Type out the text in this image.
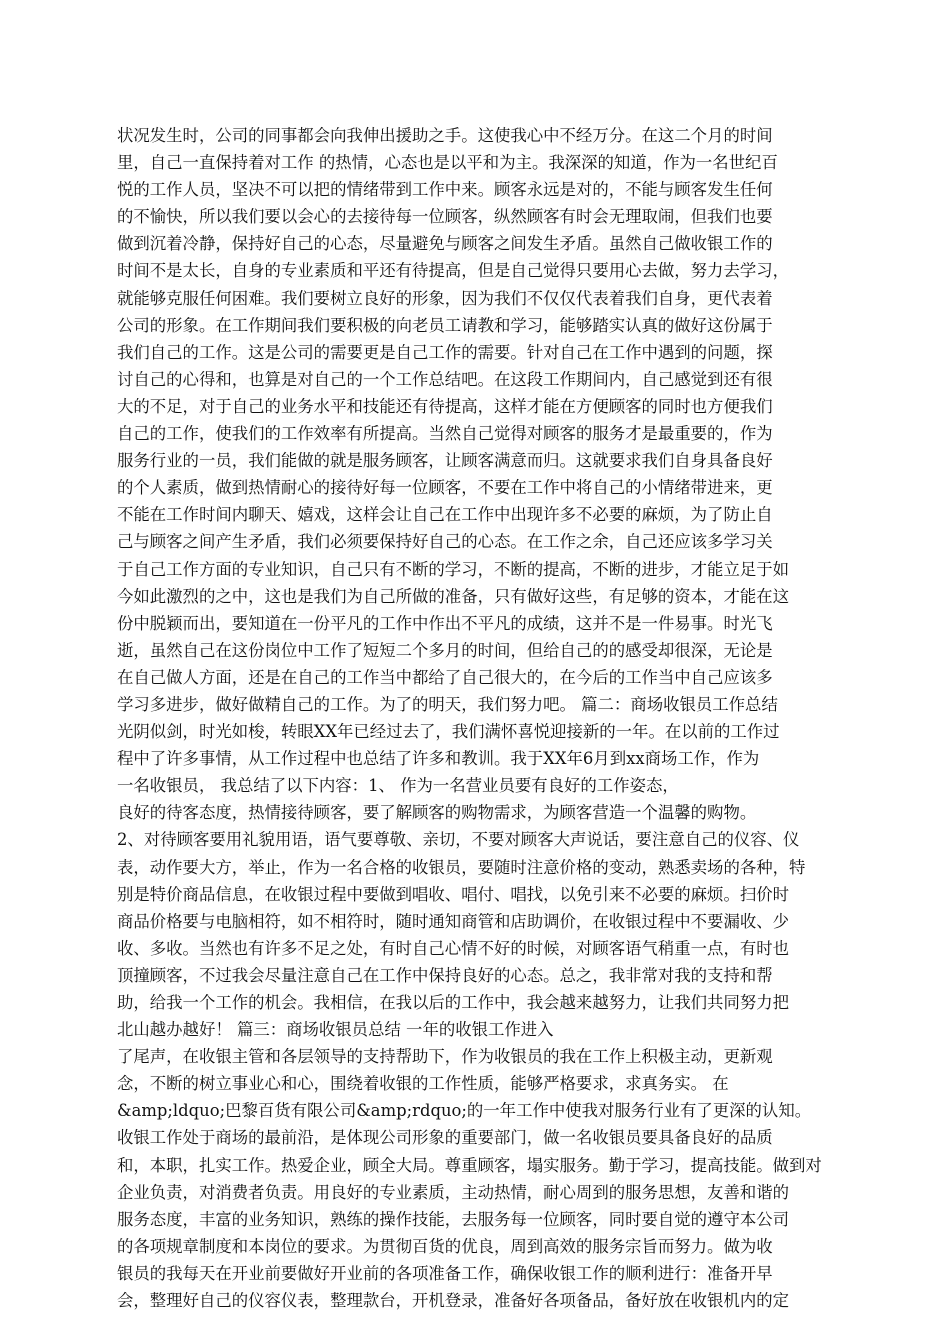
状况发生时，公司的同事都会向我伸出援助之手。这使我心中不经万分。在这二个月的时间
里，自己一直保持着对工作 的热情，心态也是以平和为主。我深深的知道，作为一名世纪百
悦的工作人员，坚决不可以把的情绪带到工作中来。顾客永远是对的，不能与顾客发生任何
的不愉快，所以我们要以会心的去接待每一位顾客，纵然顾客有时会无理取闹，但我们也要
做到沉着冷静，保持好自己的心态，尽量避免与顾客之间发生矛盾。虽然自己做收银工作的
时间不是太长，自身的专业素质和平还有待提高，但是自己觉得只要用心去做，努力去学习，
就能够克服任何困难。我们要树立良好的形象，因为我们不仅仅代表着我们自身，更代表着
公司的形象。在工作期间我们要积极的向老员工请教和学习，能够踏实认真的做好这份属于
我们自己的工作。这是公司的需要更是自己工作的需要。针对自己在工作中遇到的问题，探
讨自己的心得和，也算是对自己的一个工作总结吧。在这段工作期间内，自己感觉到还有很
大的不足，对于自己的业务水平和技能还有待提高，这样才能在方便顾客的同时也方便我们
自己的工作，使我们的工作效率有所提高。当然自己觉得对顾客的服务才是最重要的，作为
服务行业的一员，我们能做的就是服务顾客，让顾客满意而归。这就要求我们自身具备良好
的个人素质，做到热情耐心的接待好每一位顾客，不要在工作中将自己的小情绪带进来，更
不能在工作时间内聊天、嬉戏，这样会让自己在工作中出现许多不必要的麻烦，为了防止自
己与顾客之间产生矛盾，我们必须要保持好自己的心态。在工作之余，自己还应该多学习关
于自己工作方面的专业知识，自己只有不断的学习，不断的提高，不断的进步，才能立足于如
今如此激烈的之中，这也是我们为自己所做的准备，只有做好这些，有足够的资本，才能在这
份中脱颖而出，要知道在一份平凡的工作中作出不平凡的成绩，这并不是一件易事。时光飞
逝，虽然自己在这份岗位中工作了短短二个多月的时间，但给自己的的感受却很深，无论是
在自己做人方面，还是在自己的工作当中都给了自己很大的，在今后的工作当中自己应该多
学习多进步，做好做精自己的工作。为了的明天，我们努力吧。 篇二：商场收银员工作总结
光阴似剑，时光如梭，转眼XX年已经过去了，我们满怀喜悦迎接新的一年。在以前的工作过
程中了许多事情，从工作过程中也总结了许多和教训。我于XX年6月到xx商场工作，作为
一名收银员， 我总结了以下内容：1、 作为一名营业员要有良好的工作姿态，
良好的待客态度，热情接待顾客，要了解顾客的购物需求，为顾客营造一个温馨的购物。
2、对待顾客要用礼貌用语，语气要尊敬、亲切，不要对顾客大声说话，要注意自己的仪容、仪
表，动作要大方，举止，作为一名合格的收银员，要随时注意价格的变动，熟悉卖场的各种，特
别是特价商品信息，在收银过程中要做到唱收、唱付、唱找，以免引来不必要的麻烦。扫价时
商品价格要与电脑相符，如不相符时，随时通知商管和店助调价，在收银过程中不要漏收、少
收、多收。当然也有许多不足之处，有时自己心情不好的时候，对顾客语气稍重一点，有时也
顶撞顾客，不过我会尽量注意自己在工作中保持良好的心态。总之，我非常对我的支持和帮
助，给我一个工作的机会。我相信，在我以后的工作中，我会越来越努力，让我们共同努力把
北山越办越好！ 篇三：商场收银员总结 一年的收银工作进入
了尾声，在收银主管和各层领导的支持帮助下，作为收银员的我在工作上积极主动，更新观
念，不断的树立事业心和心，围绕着收银的工作性质，能够严格要求，求真务实。 在
&amp;ldquo;巴黎百货有限公司&amp;rdquo;的一年工作中使我对服务行业有了更深的认知。
收银工作处于商场的最前沿，是体现公司形象的重要部门，做一名收银员要具备良好的品质
和，本职，扎实工作。热爱企业，顾全大局。尊重顾客，塌实服务。勤于学习，提高技能。做到对
企业负责，对消费者负责。用良好的专业素质，主动热情，耐心周到的服务思想，友善和谐的
服务态度，丰富的业务知识，熟练的操作技能，去服务每一位顾客，同时要自觉的遵守本公司
的各项规章制度和本岗位的要求。为贯彻百货的优良，周到高效的服务宗旨而努力。做为收
银员的我每天在开业前要做好开业前的各项准备工作，确保收银工作的顺利进行：准备开早
会，整理好自己的仪容仪表，整理款台，开机登录，准备好各项备品，备好放在收银机内的定
